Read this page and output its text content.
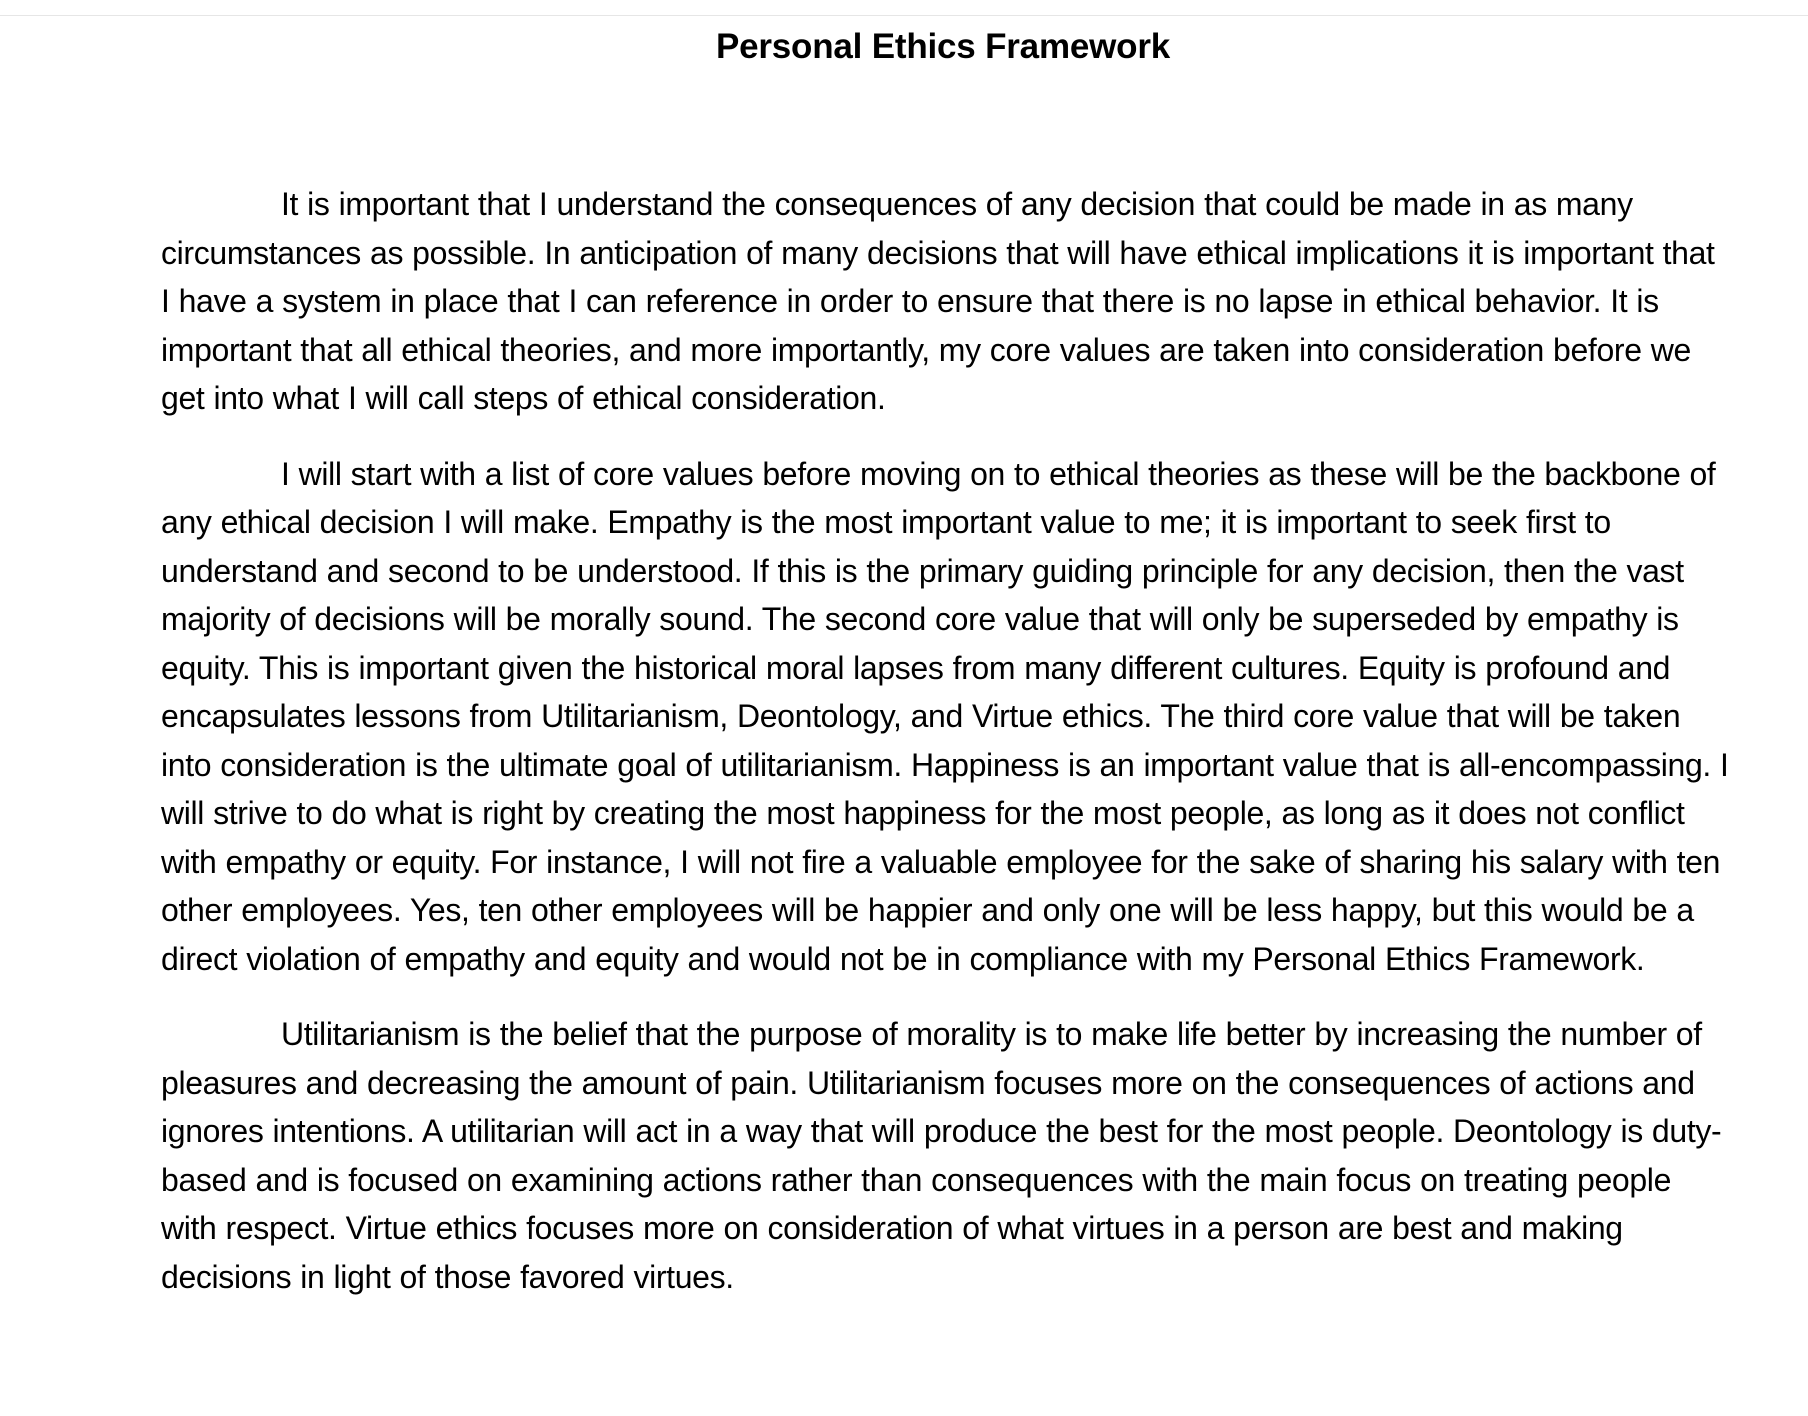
Personal Ethics Framework

It is important that I understand the consequences of any decision that could be made in as many circumstances as possible. In anticipation of many decisions that will have ethical implications it is important that I have a system in place that I can reference in order to ensure that there is no lapse in ethical behavior. It is important that all ethical theories, and more importantly, my core values are taken into consideration before we get into what I will call steps of ethical consideration.

I will start with a list of core values before moving on to ethical theories as these will be the backbone of any ethical decision I will make. Empathy is the most important value to me; it is important to seek first to understand and second to be understood. If this is the primary guiding principle for any decision, then the vast majority of decisions will be morally sound. The second core value that will only be superseded by empathy is equity. This is important given the historical moral lapses from many different cultures. Equity is profound and encapsulates lessons from Utilitarianism, Deontology, and Virtue ethics. The third core value that will be taken into consideration is the ultimate goal of utilitarianism. Happiness is an important value that is all-encompassing. I will strive to do what is right by creating the most happiness for the most people, as long as it does not conflict with empathy or equity. For instance, I will not fire a valuable employee for the sake of sharing his salary with ten other employees. Yes, ten other employees will be happier and only one will be less happy, but this would be a direct violation of empathy and equity and would not be in compliance with my Personal Ethics Framework.

Utilitarianism is the belief that the purpose of morality is to make life better by increasing the number of pleasures and decreasing the amount of pain. Utilitarianism focuses more on the consequences of actions and ignores intentions. A utilitarian will act in a way that will produce the best for the most people. Deontology is duty-based and is focused on examining actions rather than consequences with the main focus on treating people with respect. Virtue ethics focuses more on consideration of what virtues in a person are best and making decisions in light of those favored virtues.
